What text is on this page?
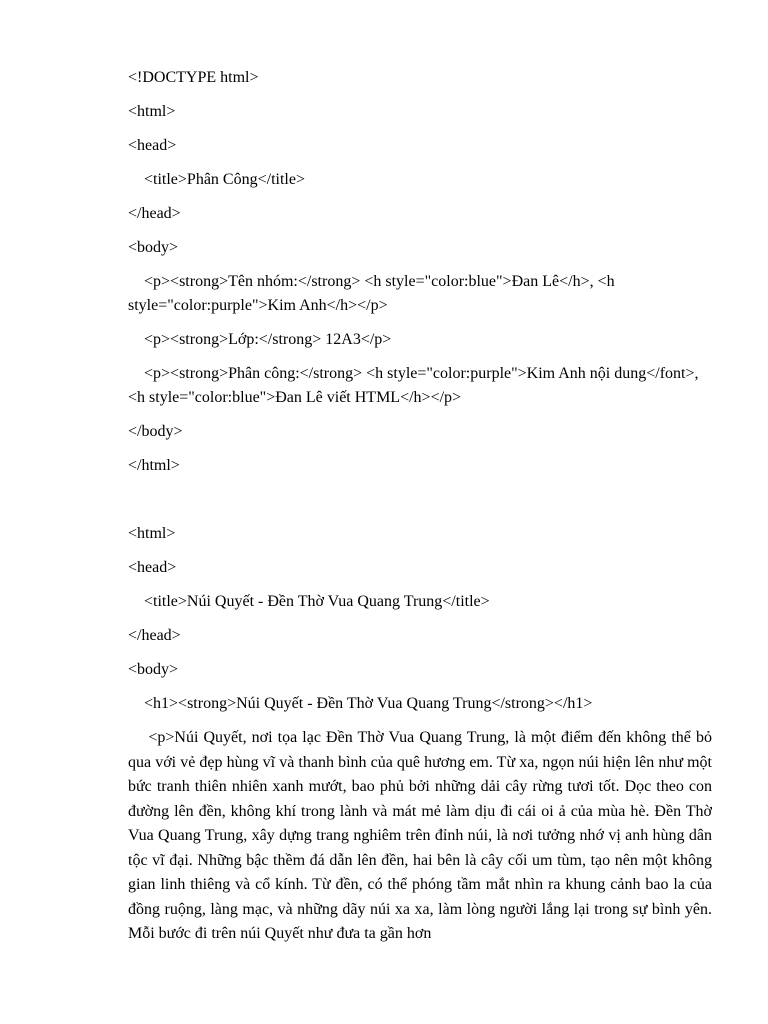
<!DOCTYPE html>
<html>
<head>
<title>Phân Công</title>
</head>
<body>
<p><strong>Tên nhóm:</strong> <h style="color:blue">Đan Lê</h>, <h style="color:purple">Kim Anh</h></p>
<p><strong>Lớp:</strong> 12A3</p>
<p><strong>Phân công:</strong> <h style="color:purple">Kim Anh nội dung</font>, <h style="color:blue">Đan Lê viết HTML</h></p>
</body>
</html>
<html>
<head>
<title>Núi Quyết - Đền Thờ Vua Quang Trung</title>
</head>
<body>
<h1><strong>Núi Quyết - Đền Thờ Vua Quang Trung</strong></h1>
<p>Núi Quyết, nơi tọa lạc Đền Thờ Vua Quang Trung, là một điểm đến không thể bỏ qua với vẻ đẹp hùng vĩ và thanh bình của quê hương em. Từ xa, ngọn núi hiện lên như một bức tranh thiên nhiên xanh mướt, bao phủ bởi những dải cây rừng tươi tốt. Dọc theo con đường lên đền, không khí trong lành và mát mẻ làm dịu đi cái oi ả của mùa hè. Đền Thờ Vua Quang Trung, xây dựng trang nghiêm trên đỉnh núi, là nơi tưởng nhớ vị anh hùng dân tộc vĩ đại. Những bậc thềm đá dẫn lên đền, hai bên là cây cối um tùm, tạo nên một không gian linh thiêng và cổ kính. Từ đền, có thể phóng tầm mắt nhìn ra khung cảnh bao la của đồng ruộng, làng mạc, và những dãy núi xa xa, làm lòng người lắng lại trong sự bình yên. Mỗi bước đi trên núi Quyết như đưa ta gần hơn
